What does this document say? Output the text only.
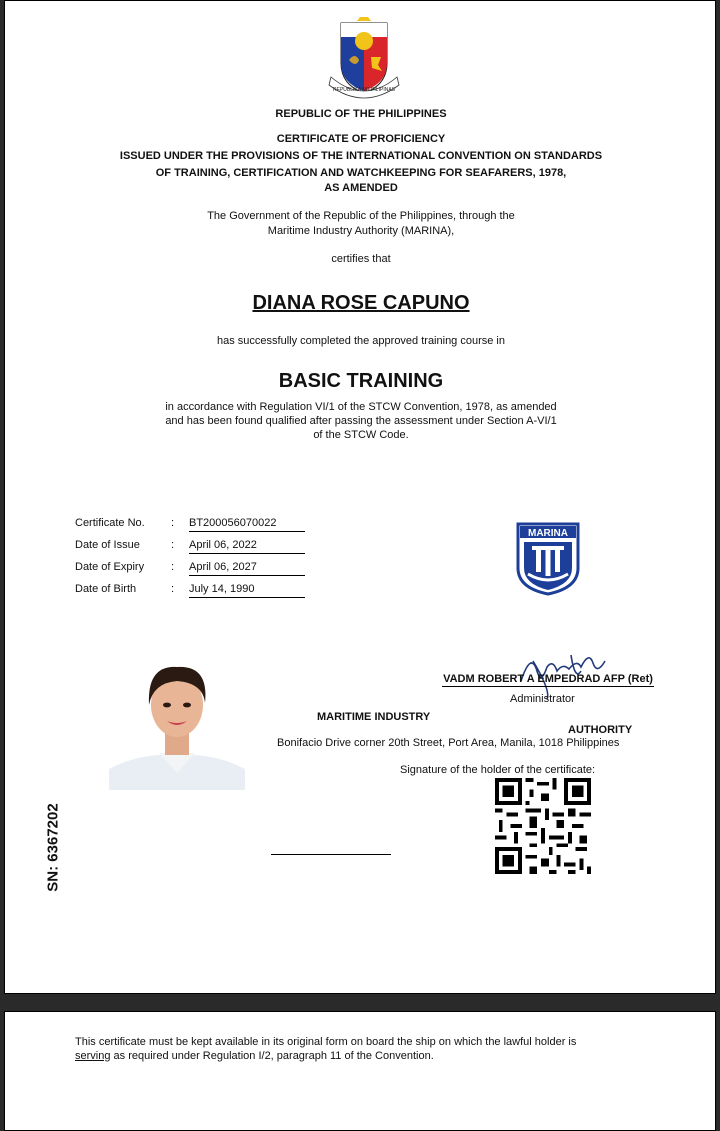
REPUBLIKA NG PILIPINAS
REPUBLIC OF THE PHILIPPINES
CERTIFICATE OF PROFICIENCY
ISSUED UNDER THE PROVISIONS OF THE INTERNATIONAL CONVENTION ON STANDARDS
OF TRAINING, CERTIFICATION AND WATCHKEEPING FOR SEAFARERS, 1978,
AS AMENDED
The Government of the Republic of the Philippines, through the
Maritime Industry Authority (MARINA),
certifies that
DIANA ROSE CAPUNO
has successfully completed the approved training course in
BASIC TRAINING
in accordance with Regulation VI/1 of the STCW Convention, 1978, as amended
and has been found qualified after passing the assessment under Section A-VI/1
of the STCW Code.
Certificate No.	: BT200056070022
Date of Issue	: April 06, 2022
Date of Expiry	: April 06, 2027
Date of Birth	: July 14, 1990
MARINA
VADM ROBERT A EMPEDRAD AFP (Ret)
Administrator
MARITIME INDUSTRY
AUTHORITY
Bonifacio Drive corner 20th Street, Port Area, Manila, 1018 Philippines
Signature of the holder of the certificate:
SN: 6367202
This certificate must be kept available in its original form on board the ship on which the lawful holder is
serving as required under Regulation I/2, paragraph 11 of the Convention.
